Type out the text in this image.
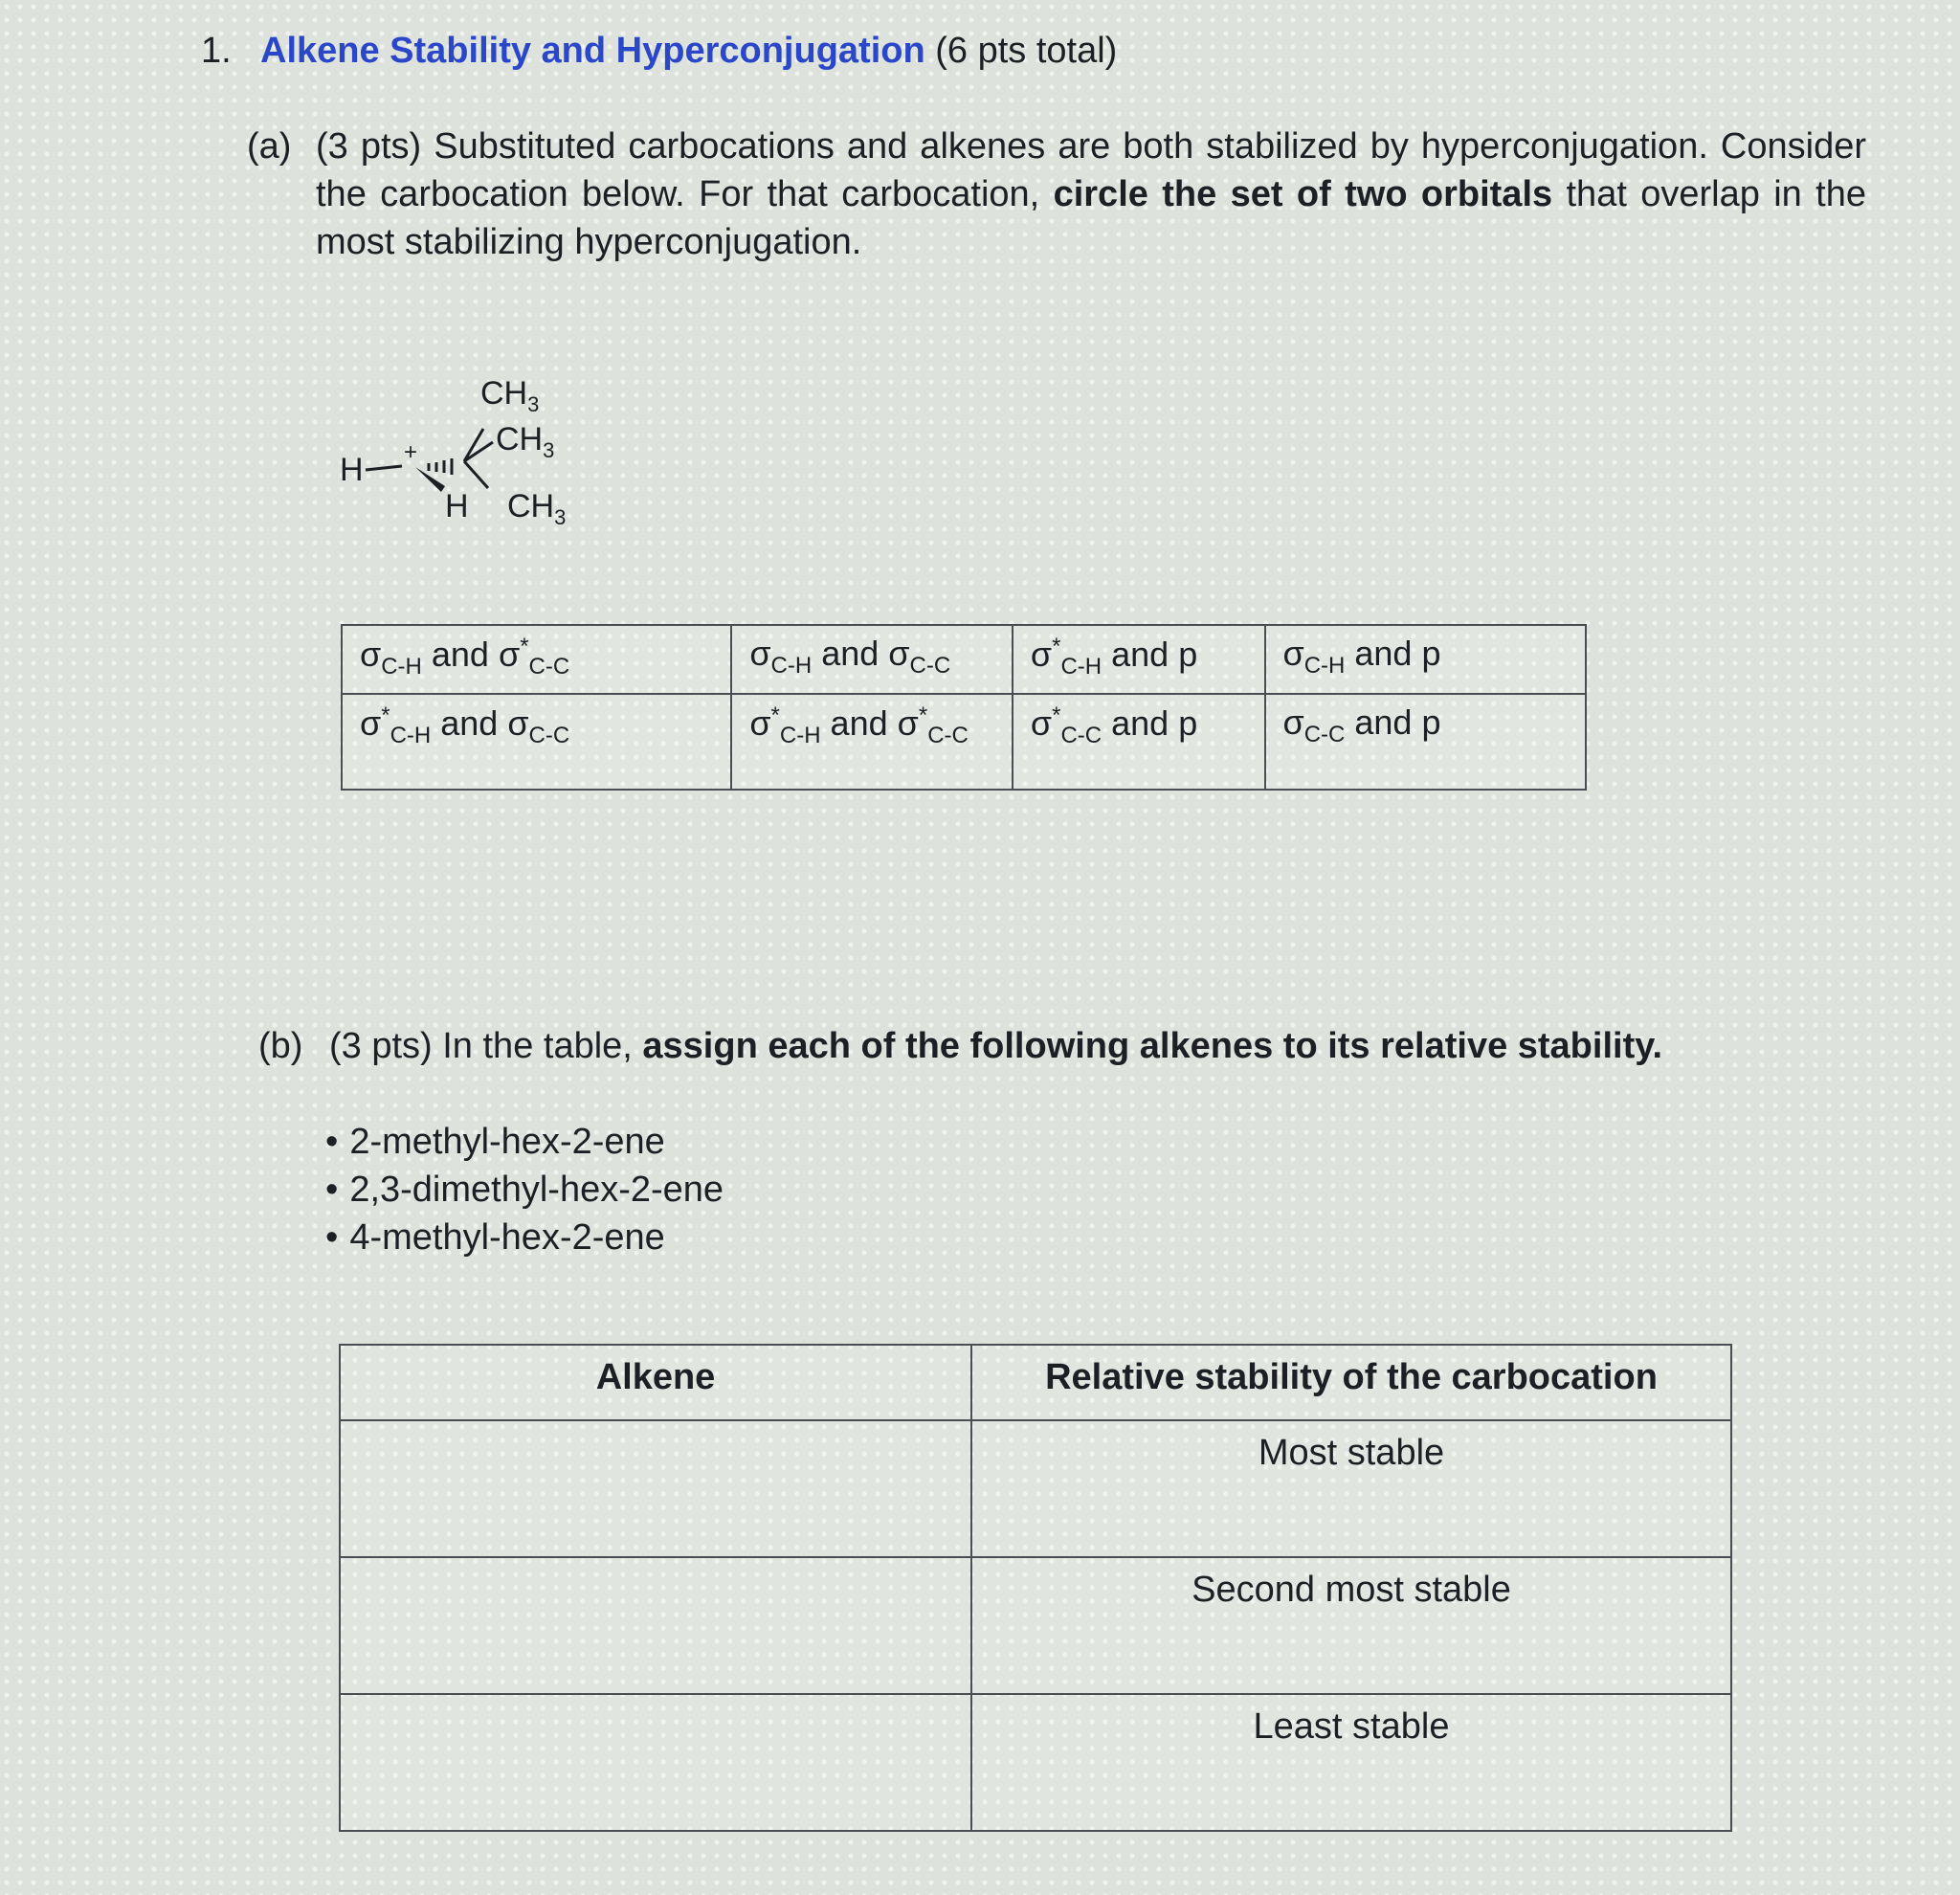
1. Alkene Stability and Hyperconjugation (6 pts total)
(a) (3 pts) Substituted carbocations and alkenes are both stabilized by hyperconjugation. Consider the carbocation below. For that carbocation, circle the set of two orbitals that overlap in the most stabilizing hyperconjugation.
H +
H
$CH_3$
$CH_3$
$CH_3$
$\sigma_{C-H}$ and $\sigma^*_{C-C}$	$\sigma_{C-H}$ and $\sigma_{C-C}$	$\sigma^*_{C-H}$ and p	$\sigma_{C-H}$ and p
$\sigma^*_{C-H}$ and $\sigma_{C-C}$	$\sigma^*_{C-H}$ and $\sigma^*_{C-C}$	$\sigma^*_{C-C}$ and p	$\sigma_{C-C}$ and p
(b) (3 pts) In the table, assign each of the following alkenes to its relative stability.
• 2-methyl-hex-2-ene
• 2,3-dimethyl-hex-2-ene
• 4-methyl-hex-2-ene
Alkene	Relative stability of the carbocation
	Most stable
	Second most stable
	Least stable
